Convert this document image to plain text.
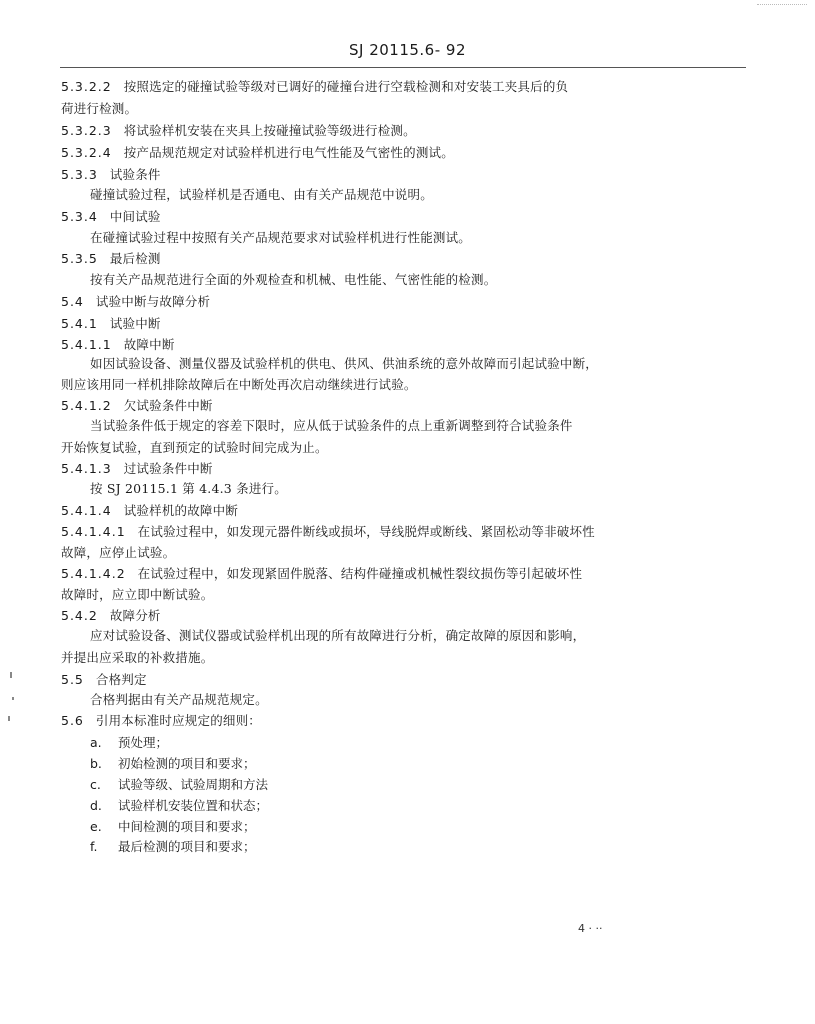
SJ 20115.6- 92
5.3.2.2 按照选定的碰撞试验等级对已调好的碰撞台进行空载检测和对安装工夹具后的负
荷进行检测。
5.3.2.3 将试验样机安装在夹具上按碰撞试验等级进行检测。
5.3.2.4 按产品规范规定对试验样机进行电气性能及气密性的测试。
5.3.3 试验条件
碰撞试验过程，试验样机是否通电、由有关产品规范中说明。
5.3.4 中间试验
在碰撞试验过程中按照有关产品规范要求对试验样机进行性能测试。
5.3.5 最后检测
按有关产品规范进行全面的外观检查和机械、电性能、气密性能的检测。
5.4 试验中断与故障分析
5.4.1 试验中断
5.4.1.1 故障中断
如因试验设备、测量仪器及试验样机的供电、供风、供油系统的意外故障而引起试验中断，
则应该用同一样机排除故障后在中断处再次启动继续进行试验。
5.4.1.2 欠试验条件中断
当试验条件低于规定的容差下限时，应从低于试验条件的点上重新调整到符合试验条件
开始恢复试验，直到预定的试验时间完成为止。
5.4.1.3 过试验条件中断
按 SJ 20115.1 第 4.4.3 条进行。
5.4.1.4 试验样机的故障中断
5.4.1.4.1 在试验过程中，如发现元器件断线或损坏，导线脱焊或断线、紧固松动等非破坏性
故障，应停止试验。
5.4.1.4.2 在试验过程中，如发现紧固件脱落、结构件碰撞或机械性裂纹损伤等引起破坏性
故障时，应立即中断试验。
5.4.2 故障分析
应对试验设备、测试仪器或试验样机出现的所有故障进行分析，确定故障的原因和影响，
并提出应采取的补救措施。
5.5 合格判定
合格判据由有关产品规范规定。
5.6 引用本标准时应规定的细则：
a. 预处理；
b. 初始检测的项目和要求；
c. 试验等级、试验周期和方法
d. 试验样机安装位置和状态；
e. 中间检测的项目和要求；
f. 最后检测的项目和要求；
4 · ··
